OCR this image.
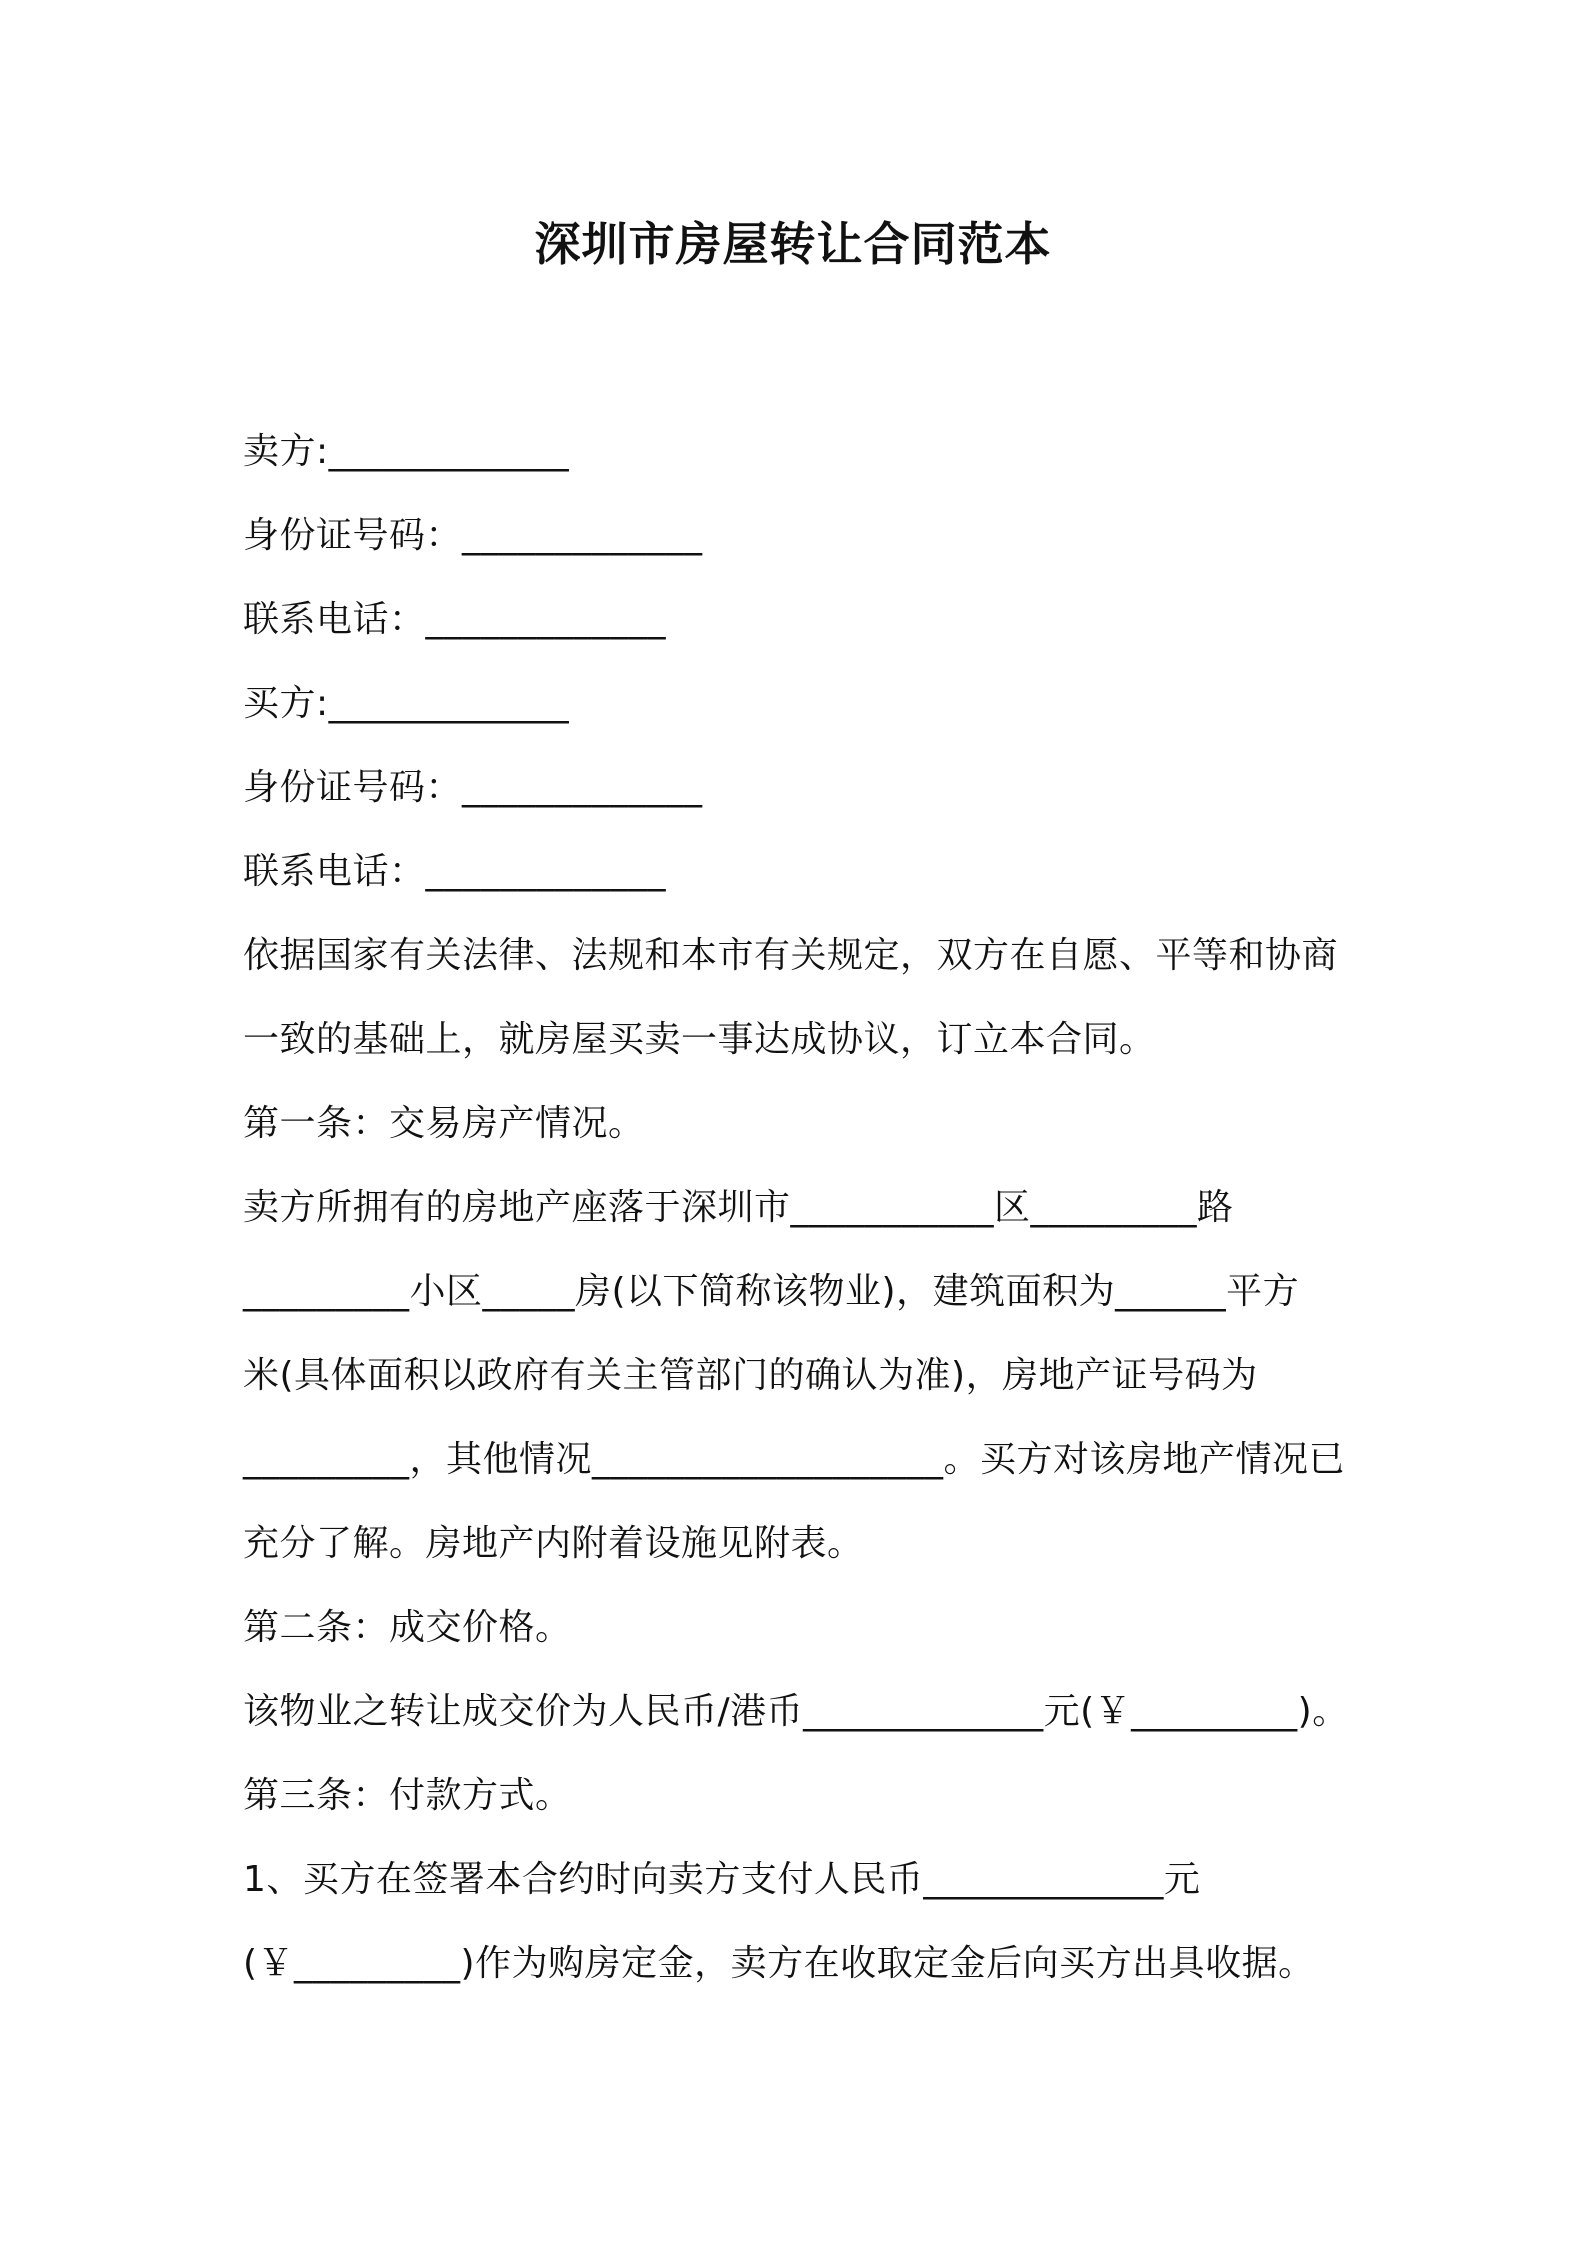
深圳市房屋转让合同范本
卖方:_____________
身份证号码：_____________
联系电话：_____________
买方:_____________
身份证号码：_____________
联系电话：_____________
依据国家有关法律、法规和本市有关规定，双方在自愿、平等和协商
一致的基础上，就房屋买卖一事达成协议，订立本合同。
第一条：交易房产情况。
卖方所拥有的房地产座落于深圳市___________区_________路
_________小区_____房(以下简称该物业)，建筑面积为______平方
米(具体面积以政府有关主管部门的确认为准)，房地产证号码为
_________，其他情况___________________。买方对该房地产情况已
充分了解。房地产内附着设施见附表。
第二条：成交价格。
该物业之转让成交价为人民币/港币_____________元(￥_________)。
第三条：付款方式。
1、买方在签署本合约时向卖方支付人民币_____________元
(￥_________)作为购房定金，卖方在收取定金后向买方出具收据。
